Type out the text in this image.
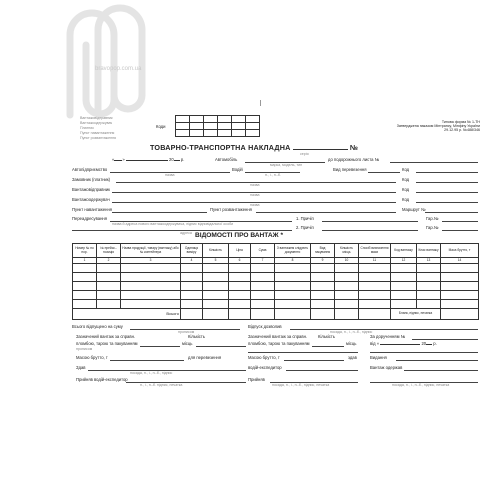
bravopop.com.ua
Вантажовідправник
Вантажоодержувач
Платник
Пункт навантаження
Пункт розвантаження
Коди

Типова форма № 1-ТН
Затверджена наказом Мінтрансу, Мінфіну України
29.12.95 р. №488/346
ТОВАРНО-ТРАНСПОРТНА НАКЛАДНА	№
серія
« »	20 р.	Автомобіль
марка, модель, тип
до подорожнього листа №
Автопідприємство
назва
Водій
п., і., п.-б.
Вид перевезення	Код
Замовник (платник)
назва
Код
Вантажовідправник
назва
Код
Вантажоодержувач
назва
Код
Пункт навантаження	Пункт розвантаження	Маршрут №
Переадресування
назва й адреса нового вантажоодержувача, підпис відповідальної особи
1. Причіп	Гар.№
адреса
2. Причіп	Гар.№
ВІДОМОСТІ ПРО ВАНТАЖ *
Номер № по пор.	№ прейск.- позиція	Назва продукції, товару (вантажу) або № контейнера	Одиниця виміру	Кількість	Ціна	Сума	З вантажем слідують документи	Вид пакування	Кількість місць	Спосіб визначення маси	Код вантажу	Клас вантажу	Маса брутто, т
1	2	3	4	5	6	7	8	9	10	11	12	13	14

Всього											Бланк, підпис, печатка		
Всього відпущено на суму
прописом
Відпуск дозволив
посада, п., і., п.-б., підпис
Зазначений вантаж за справн.	Кількість
пломбою, тарою та пакуванням	місць
прописом
Масою брутто, т	для перевезення
Здав
посада, п., і., п.-б., підпис
Прийняв водій-експедитор
п., і., п.-б. підпис, печатка
Зазначений вантаж за справн.	Кількість
пломбою, тарою та пакуванням	місць
Масою брутто, т	здав
водій-експедитор
Прийняв
посада, п., і., п.-б., підпис, печатка
За дорученням №
від «	20 р.
Видання
Вантаж одержав
посада, п., і., п.-б., підпис, печатка
